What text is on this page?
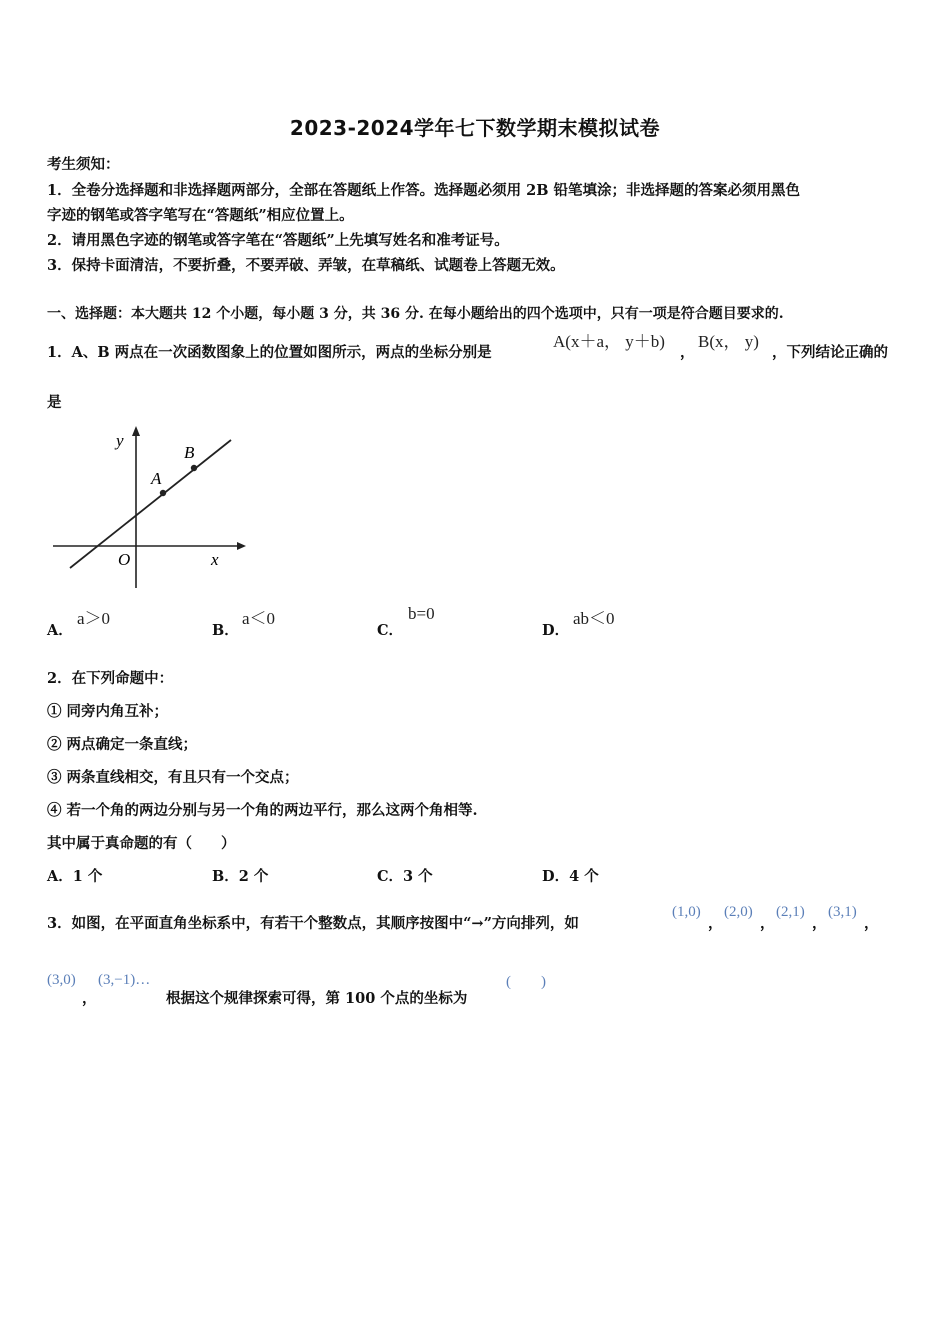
2023-2024学年七下数学期末模拟试卷
考生须知：
1．全卷分选择题和非选择题两部分，全部在答题纸上作答。选择题必须用 2B 铅笔填涂；非选择题的答案必须用黑色
字迹的钢笔或答字笔写在“答题纸”相应位置上。
2．请用黑色字迹的钢笔或答字笔在“答题纸”上先填写姓名和准考证号。
3．保持卡面清洁，不要折叠，不要弄破、弄皱，在草稿纸、试题卷上答题无效。
一、选择题：本大题共 12 个小题，每小题 3 分，共 36 分. 在每小题给出的四个选项中，只有一项是符合题目要求的.
1．A、B 两点在一次函数图象上的位置如图所示，两点的坐标分别是
A(x＋a， y＋b)
，
B(x， y)
，下列结论正确的
是
y
x
O
A
B
A．
a＞0
B．
a＜0
C．
b=0
D．
ab＜0
2．在下列命题中：
① 同旁内角互补；
② 两点确定一条直线；
③ 两条直线相交，有且只有一个交点；
④ 若一个角的两边分别与另一个角的两边平行，那么这两个角相等.
其中属于真命题的有（　　）
A．1 个	B．2 个	C．3 个	D．4 个
3．如图，在平面直角坐标系中，有若干个整数点，其顺序按图中“→”方向排列，如
(1,0)
，
(2,0)
，
(2,1)
，
(3,1)
，
(3,0)
，
(3,−1)…
根据这个规律探索可得，第 100 个点的坐标为
(　　)
